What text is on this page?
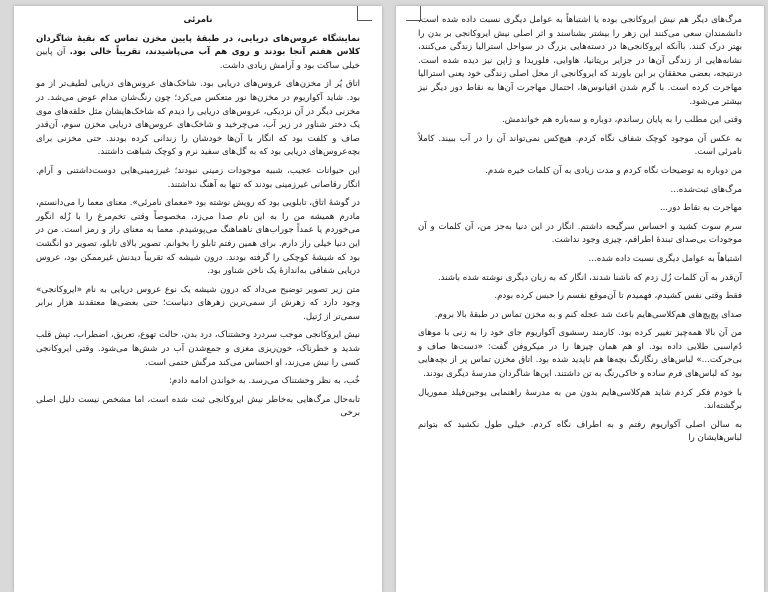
نامرئی

نمایشگاه عروس‌های دریایی، در طبقهٔ پایین مخزن تماس که بقیهٔ شاگردان کلاس هفتم آنجا بودند و روی هم آب می‌پاشیدند، تقریباً خالی بود. آن پایین خیلی ساکت بود و آرامش زیادی داشت.

اتاق پُر از مخزن‌های عروس‌های دریایی بود. شاخک‌های عروس‌های دریایی لطیف‌تر از مو بود. شاید آکواریوم در مخزن‌ها نور متعکس می‌کرد؛ چون رنگ‌شان مدام عوض می‌شد. در مخزنی دیگر در آن نزدیکی، عروس‌های دریایی را دیدم که شاخک‌هایشان مثل حلقه‌های موی یک دختر شناور در زیر آب، می‌چرخید و شاخک‌های عروس‌های دریایی مخزن سوم، آن‌قدر صاف و کلفت بود که انگار با آن‌ها خودشان را زندانی کرده بودند. حتی مخزنی برای بچه‌عروس‌های دریایی بود که به گل‌های سفید نرم و کوچک شباهت داشتند.

این حیوانات عجیب، شبیه موجودات زمینی نبودند؛ غیرزمینی‌هایی دوست‌داشتنی و آرام. انگار رقاصانی غیرزمینی بودند که تنها به آهنگ نداشتند.

در گوشهٔ اتاق، تابلویی بود که رویش نوشته بود «معمای نامرئی». معنای معما را می‌دانستم، مادرم همیشه من را به این نام صدا می‌زد، مخصوصاً وقتی تخم‌مرغ را با زُله انگور می‌خوردم یا عمداً جوراب‌های ناهماهنگ می‌پوشیدم. معما به معنای راز و رمز است. من در این دنیا خیلی راز دارم. برای همین رفتم تابلو را بخوانم. تصویر بالای تابلو، تصویر دو انگشت بود که شیشهٔ کوچکی را گرفته بودند. درون شیشه که تقریباً دیدنش غیرممکن بود، عروس دریایی شفافی به‌اندازهٔ یک ناخن شناور بود.

متن زیر تصویر توضیح می‌داد که درون شیشه یک نوع عروس دریایی به نام «ایروکانجی» وجود دارد که زهرش از سمی‌ترین زهرهای دنیاست؛ حتی بعضی‌ها معتقدند هزار برابر سمی‌تر از رُتیل.

نیش ایروکانجی موجب سردرد وحشتناک، درد بدن، حالت تهوع، تعریق، اضطراب، تپش قلب شدید و خطرناک، خون‌ریزی مغزی و جمع‌شدن آب در شش‌ها می‌شود. وقتی ایروکانجی کسی را نیش می‌زند، او احساس می‌کند مرگش حتمی است.

خُب، به نظر وحشتناک می‌رسد. به خواندن ادامه دادم:

تابه‌حال مرگ‌هایی به‌خاطر نیش ایروکانجی ثبت شده است، اما مشخص نیست دلیل اصلی برخی

مرگ‌های دیگر هم نیش ایروکانجی بوده یا اشتباهاً به عوامل دیگری نسبت داده شده است. دانشمندان سعی می‌کنند این زهر را بیشتر بشناسند و اثر اصلی نیش ایروکانجی بر بدن را بهتر درک کنند. باآنکه ایروکانجی‌ها در دسته‌هایی بزرگ در سواحل استرالیا زندگی می‌کنند، نشانه‌هایی از زندگی آن‌ها در جزایر بریتانیا، هاوایی، فلوریدا و ژاپن نیز دیده شده است. درنتیجه، بعضی محققان بر این باورند که ایروکانجی از محل اصلی زندگی خود یعنی استرالیا مهاجرت کرده است. با گرم شدن اقیانوس‌ها، احتمال مهاجرت آن‌ها به نقاط دور دیگر نیز بیشتر می‌شود.

وقتی این مطلب را به پایان رساندم، دوباره و سه‌باره هم خواندمش.

به عکس آن موجود کوچک شفاف نگاه کردم. هیچ‌کس نمی‌تواند آن را در آب ببیند. کاملاً نامرئی است.

من دوباره به توضیحات نگاه کردم و مدت زیادی به آن کلمات خیره شدم.

مرگ‌های ثبت‌شده...

مهاجرت به نقاط دور...

سرم سوت کشید و احساس سرگیجه داشتم. انگار در این دنیا به‌جز من، آن کلمات و آن موجودات بی‌صدای تبندهٔ اطرافم، چیزی وجود نداشت.

اشتباهاً به عوامل دیگری نسبت داده شده...

آن‌قدر به آن کلمات زُل زدم که ناشنا شدند، انگار که به زبان دیگری نوشته شده باشند.

فقط وقتی نفس کشیدم، فهمیدم تا آن‌موقع نفسم را حبس کرده بودم.

صدای پچ‌پچ‌های هم‌کلاسی‌هایم باعث شد عجله کنم و به مخزن تماس در طبقهٔ بالا بروم.

من آن بالا همه‌چیز تغییر کرده بود. کارمند رسشوی آکواریوم جای خود را به زنی با موهای دُم‌اسبی طلایی داده بود. او هم همان چیزها را در میکروفن گفت: «دست‌ها صاف و بی‌حرکت...» لباس‌های رنگارنگ بچه‌ها هم ناپدید شده بود. اتاق مخزن تماس پر از بچه‌هایی بود که لباس‌های فرم ساده و خاکی‌رنگ به تن داشتند. این‌ها شاگردان مدرسهٔ دیگری بودند.

با خودم فکر کردم شاید هم‌کلاسی‌هایم بدون من به مدرسهٔ راهنمایی یوجین‌فیلد مموریال برگشته‌اند.

به سالن اصلی آکواریوم رفتم و به اطراف نگاه کردم. خیلی طول نکشید که بتوانم لباس‌هایشان را
